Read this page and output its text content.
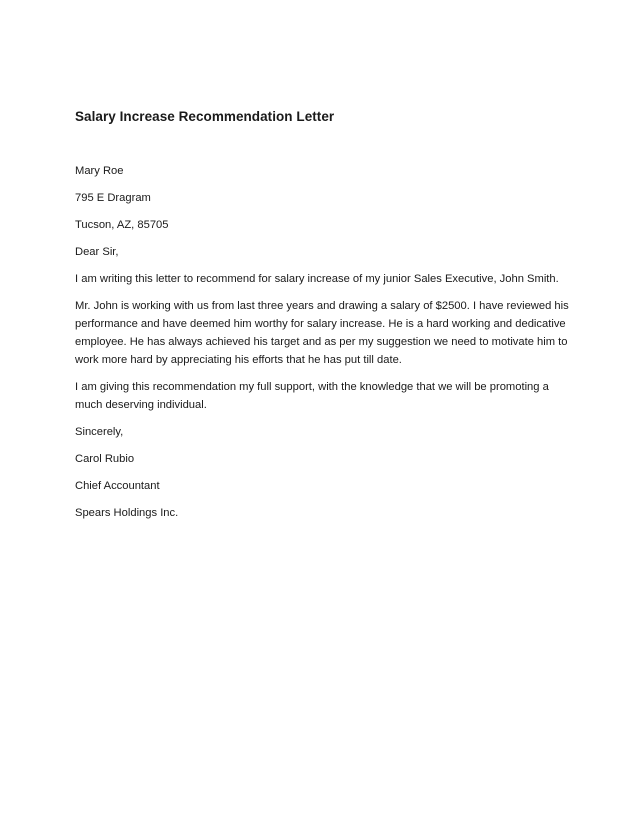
Salary Increase Recommendation Letter

Mary Roe

795 E Dragram

Tucson, AZ, 85705

Dear Sir,

I am writing this letter to recommend for salary increase of my junior Sales Executive, John Smith.

Mr. John is working with us from last three years and drawing a salary of $2500. I have reviewed his performance and have deemed him worthy for salary increase. He is a hard working and dedicative employee. He has always achieved his target and as per my suggestion we need to motivate him to work more hard by appreciating his efforts that he has put till date.

I am giving this recommendation my full support, with the knowledge that we will be promoting a much deserving individual.

Sincerely,

Carol Rubio

Chief Accountant

Spears Holdings Inc.
